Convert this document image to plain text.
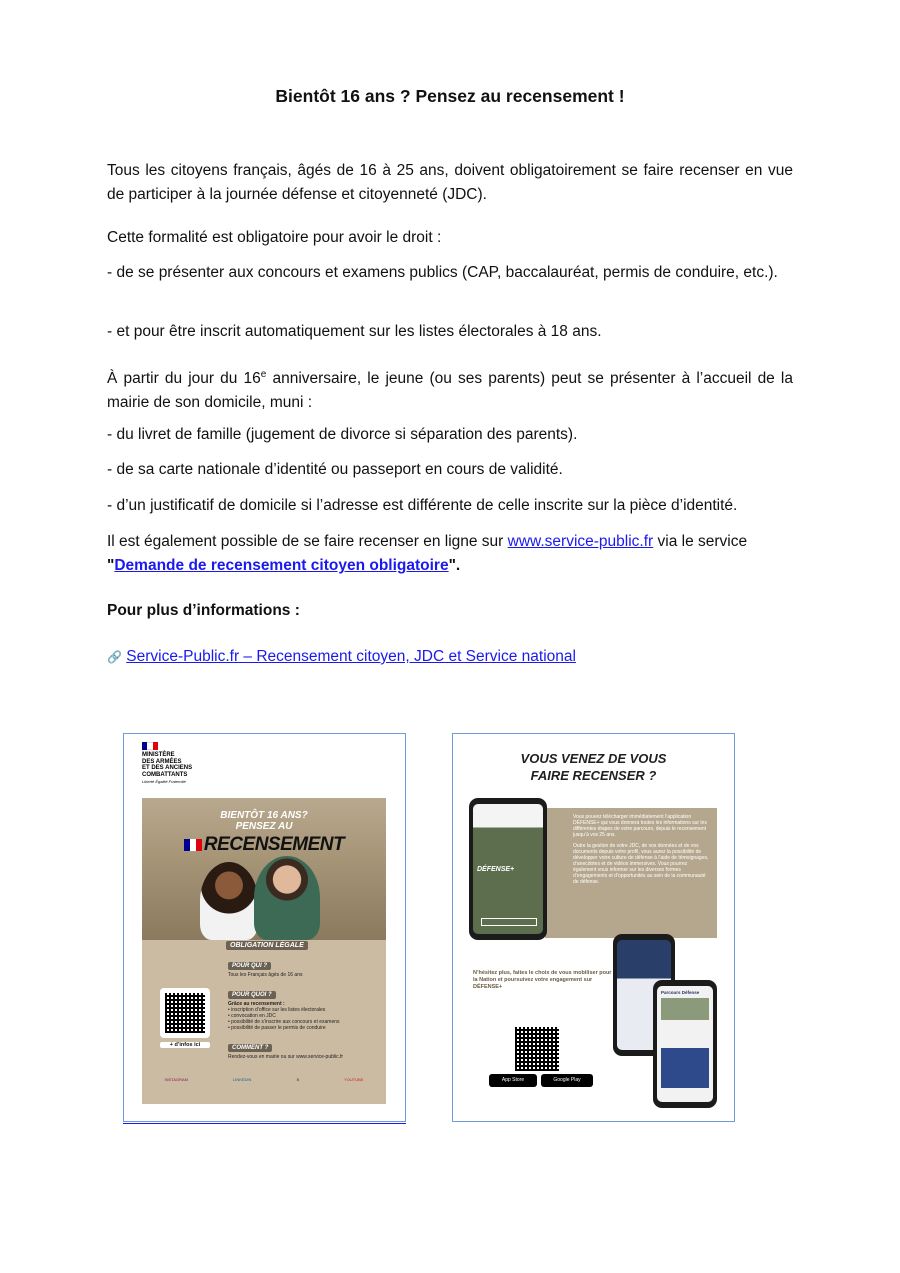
Bientôt 16 ans ? Pensez au recensement !

Tous les citoyens français, âgés de 16 à 25 ans, doivent obligatoirement se faire recenser en vue de participer à la journée défense et citoyenneté (JDC).

Cette formalité est obligatoire pour avoir le droit :

- de se présenter aux concours et examens publics (CAP, baccalauréat, permis de conduire, etc.).

- et pour être inscrit automatiquement sur les listes électorales à 18 ans.

À partir du jour du 16e anniversaire, le jeune (ou ses parents) peut se présenter à l’accueil de la mairie de son domicile, muni :

- du livret de famille (jugement de divorce si séparation des parents).

- de sa carte nationale d’identité ou passeport en cours de validité.

- d’un justificatif de domicile si l’adresse est différente de celle inscrite sur la pièce d’identité.

Il est également possible de se faire recenser en ligne sur www.service-public.fr via le service
"Demande de recensement citoyen obligatoire".

Pour plus d’informations :
🔗 Service-Public.fr – Recensement citoyen, JDC et Service national
MINISTÈRE
DES ARMÉES
ET DES ANCIENS
COMBATTANTS
Liberté Égalité Fraternité
BIENTÔT 16 ANS?
PENSEZ AU
RECENSEMENT
OBLIGATION LÉGALE
POUR QUI ?
Tous les Français âgés de 16 ans
POUR QUOI ?
Grâce au recensement :
• inscription d’office sur les listes électorales
• convocation en JDC
• possibilité de s’inscrire aux concours et examens
• possibilité de passer le permis de conduire
COMMENT ?
Rendez-vous en mairie ou sur www.service-public.fr
+ d’infos ici
INSTAGRAM	LINKEDIN	X	YOUTUBE
VOUS VENEZ DE VOUS
FAIRE RECENSER ?
Vous pouvez télécharger immédiatement l’application DÉFENSE+ qui vous donnera toutes les informations sur les différentes étapes de votre parcours, depuis le recensement jusqu’à vos 25 ans.
Outre la gestion de votre JDC, de vos données et de vos documents depuis votre profil, vous aurez la possibilité de développer votre culture de défense à l’aide de témoignages, d’anecdotes et de vidéos immersives. Vous pourrez également vous informer sur les diverses formes d’engagements et d’opportunités au sein de la communauté de défense.
DÉFENSE+
N’hésitez plus, faites le choix de vous mobiliser pour la Nation et poursuivez votre engagement sur DÉFENSE+
App Store	Google Play
Parcours Défense
